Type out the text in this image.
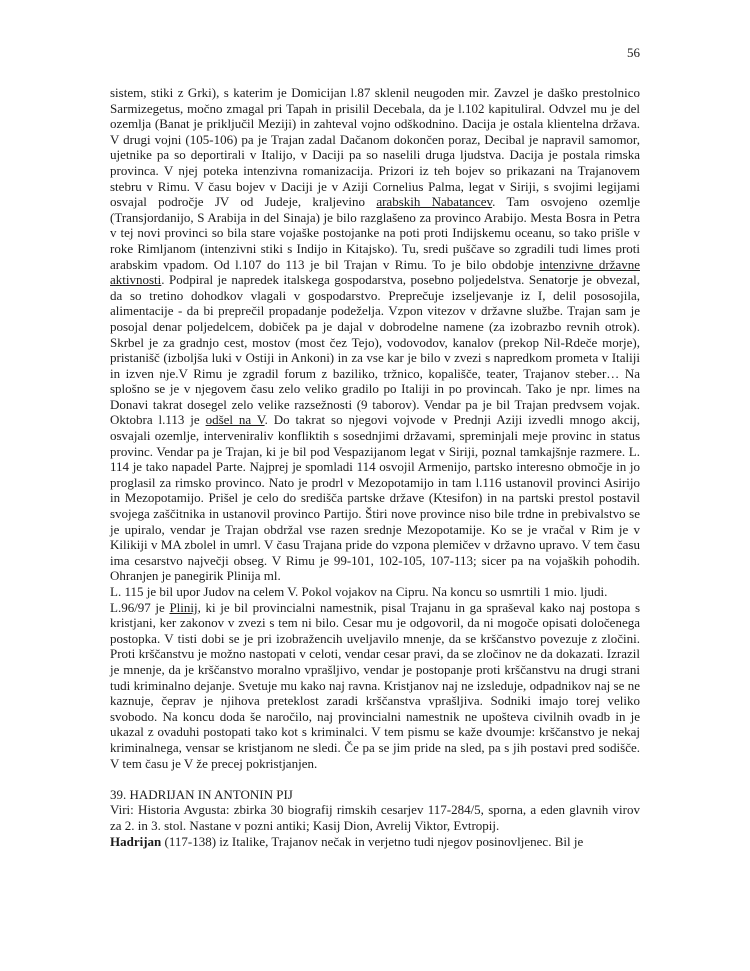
56

sistem, stiki z Grki), s katerim je Domicijan l.87 sklenil neugoden mir. Zavzel je daško prestolnico Sarmizegetus, močno zmagal pri Tapah in prisilil Decebala, da je l.102 kapituliral. Odvzel mu je del ozemlja (Banat je priključil Meziji) in zahteval vojno odškodnino. Dacija je ostala klientelna država. V drugi vojni (105-106) pa je Trajan zadal Dačanom dokončen poraz, Decibal je napravil samomor, ujetnike pa so deportirali v Italijo, v Daciji pa so naselili druga ljudstva. Dacija je postala rimska provinca. V njej poteka intenzivna romanizacija. Prizori iz teh bojev so prikazani na Trajanovem stebru v Rimu. V času bojev v Daciji je v Aziji Cornelius Palma, legat v Siriji, s svojimi legijami osvajal področje JV od Judeje, kraljevino arabskih Nabatancev. Tam osvojeno ozemlje (Transjordanijo, S Arabija in del Sinaja) je bilo razglašeno za provinco Arabijo. Mesta Bosra in Petra v tej novi provinci so bila stare vojaške postojanke na poti proti Indijskemu oceanu, so tako prišle v roke Rimljanom (intenzivni stiki s Indijo in Kitajsko). Tu, sredi puščave so zgradili tudi limes proti arabskim vpadom. Od l.107 do 113 je bil Trajan v Rimu. To je bilo obdobje intenzivne državne aktivnosti. Podpiral je napredek italskega gospodarstva, posebno poljedelstva. Senatorje je obvezal, da so tretino dohodkov vlagali v gospodarstvo. Preprečuje izseljevanje iz I, delil pososojila, alimentacije - da bi preprečil propadanje podeželja. Vzpon vitezov v državne službe. Trajan sam je posojal denar poljedelcem, dobiček pa je dajal v dobrodelne namene (za izobrazbo revnih otrok). Skrbel je za gradnjo cest, mostov (most čez Tejo), vodovodov, kanalov (prekop Nil-Rdeče morje), pristanišč (izboljša luki v Ostiji in Ankoni) in za vse kar je bilo v zvezi s napredkom prometa v Italiji in izven nje.V Rimu je zgradil forum z baziliko, tržnico, kopališče, teater, Trajanov steber… Na splošno se je v njegovem času zelo veliko gradilo po Italiji in po provincah. Tako je npr. limes na Donavi takrat dosegel zelo velike razsežnosti (9 taborov). Vendar pa je bil Trajan predvsem vojak. Oktobra l.113 je odšel na V. Do takrat so njegovi vojvode v Prednji Aziji izvedli mnogo akcij, osvajali ozemlje, interveniraliv konfliktih s sosednjimi državami, spreminjali meje provinc in status provinc. Vendar pa je Trajan, ki je bil pod Vespazijanom legat v Siriji, poznal tamkajšnje razmere. L. 114 je tako napadel Parte. Najprej je spomladi 114 osvojil Armenijo, partsko interesno območje in jo proglasil za rimsko provinco. Nato je prodrl v Mezopotamijo in tam l.116 ustanovil provinci Asirijo in Mezopotamijo. Prišel je celo do središča partske države (Ktesifon) in na partski prestol postavil svojega zaščitnika in ustanovil provinco Partijo. Štiri nove province niso bile trdne in prebivalstvo se je upiralo, vendar je Trajan obdržal vse razen srednje Mezopotamije. Ko se je vračal v Rim je v Kilikiji v MA zbolel in umrl. V času Trajana pride do vzpona plemičev v državno upravo. V tem času ima cesarstvo največji obseg. V Rimu je 99-101, 102-105, 107-113; sicer pa na vojaških pohodih. Ohranjen je panegirik Plinija ml.

L. 115 je bil upor Judov na celem V. Pokol vojakov na Cipru. Na koncu so usmrtili 1 mio. ljudi.

L.96/97 je Plinij, ki je bil provincialni namestnik, pisal Trajanu in ga spraševal kako naj postopa s kristjani, ker zakonov v zvezi s tem ni bilo. Cesar mu je odgovoril, da ni mogoče opisati določenega postopka. V tisti dobi se je pri izobražencih uveljavilo mnenje, da se krščanstvo povezuje z zločini. Proti krščanstvu je možno nastopati v celoti, vendar cesar pravi, da se zločinov ne da dokazati. Izrazil je mnenje, da je krščanstvo moralno vprašljivo, vendar je postopanje proti krščanstvu na drugi strani tudi kriminalno dejanje. Svetuje mu kako naj ravna. Kristjanov naj ne izsleduje, odpadnikov naj se ne kaznuje, čeprav je njihova preteklost zaradi krščanstva vprašljiva. Sodniki imajo torej veliko svobodo. Na koncu doda še naročilo, naj provincialni namestnik ne upošteva civilnih ovadb in je ukazal z ovaduhi postopati tako kot s kriminalci. V tem pismu se kaže dvoumje: krščanstvo je nekaj kriminalnega, vensar se kristjanom ne sledi. Če pa se jim pride na sled, pa s jih postavi pred sodišče. V tem času je V že precej pokristjanjen.

39. HADRIJAN IN ANTONIN PIJ

Viri: Historia Avgusta: zbirka 30 biografij rimskih cesarjev 117-284/5, sporna, a eden glavnih virov za 2. in 3. stol. Nastane v pozni antiki; Kasij Dion, Avrelij Viktor, Evtropij.

Hadrijan (117-138) iz Italike, Trajanov nečak in verjetno tudi njegov posinovljenec. Bil je
